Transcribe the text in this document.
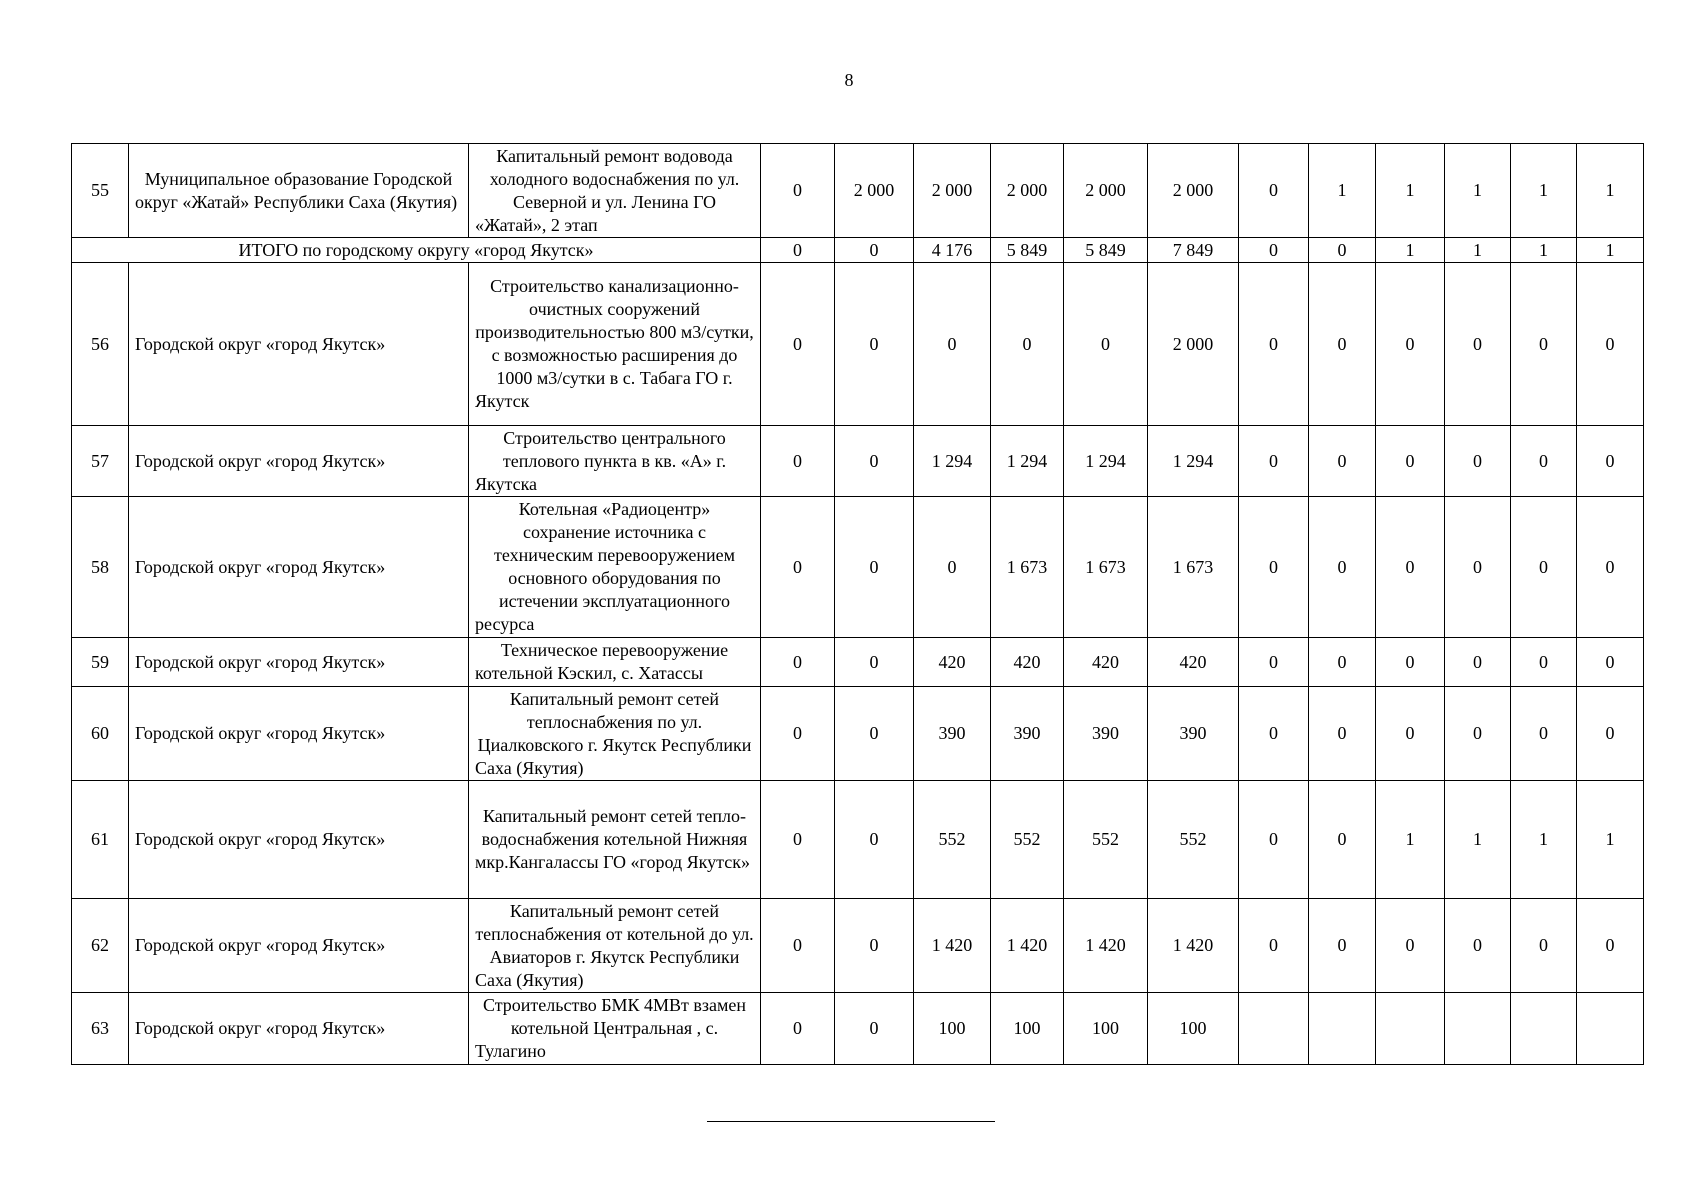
8
55	Муниципальное образование Городской округ «Жатай» Республики Саха (Якутия)	Капитальный ремонт водовода холодного водоснабжения по ул. Северной и ул. Ленина ГО «Жатай», 2 этап	0	2 000	2 000	2 000	2 000	2 000	0	1	1	1	1	1
ИТОГО по городскому округу «город Якутск»			0	0	4 176	5 849	5 849	7 849	0	0	1	1	1	1
56	Городской округ «город Якутск»	Строительство канализационно-очистных сооружений производительностью 800 м3/сутки, с возможностью расширения до 1000 м3/сутки в с. Табага ГО г. Якутск	0	0	0	0	0	2 000	0	0	0	0	0	0
57	Городской округ «город Якутск»	Строительство центрального теплового пункта в кв. «А» г. Якутска	0	0	1 294	1 294	1 294	1 294	0	0	0	0	0	0
58	Городской округ «город Якутск»	Котельная «Радиоцентр» сохранение источника с техническим перевооружением основного оборудования по истечении эксплуатационного ресурса	0	0	0	1 673	1 673	1 673	0	0	0	0	0	0
59	Городской округ «город Якутск»	Техническое перевооружение котельной Кэскил, с. Хатассы	0	0	420	420	420	420	0	0	0	0	0	0
60	Городской округ «город Якутск»	Капитальный ремонт сетей теплоснабжения по ул. Циалковского г. Якутск Республики Саха (Якутия)	0	0	390	390	390	390	0	0	0	0	0	0
61	Городской округ «город Якутск»	Капитальный ремонт сетей тепло-водоснабжения котельной Нижняя мкр.Кангалассы ГО «город Якутск»	0	0	552	552	552	552	0	0	1	1	1	1
62	Городской округ «город Якутск»	Капитальный ремонт сетей теплоснабжения от котельной до ул. Авиаторов г. Якутск Республики Саха (Якутия)	0	0	1 420	1 420	1 420	1 420	0	0	0	0	0	0
63	Городской округ «город Якутск»	Строительство БМК 4МВт взамен котельной Центральная , с. Тулагино	0	0	100	100	100	100						
